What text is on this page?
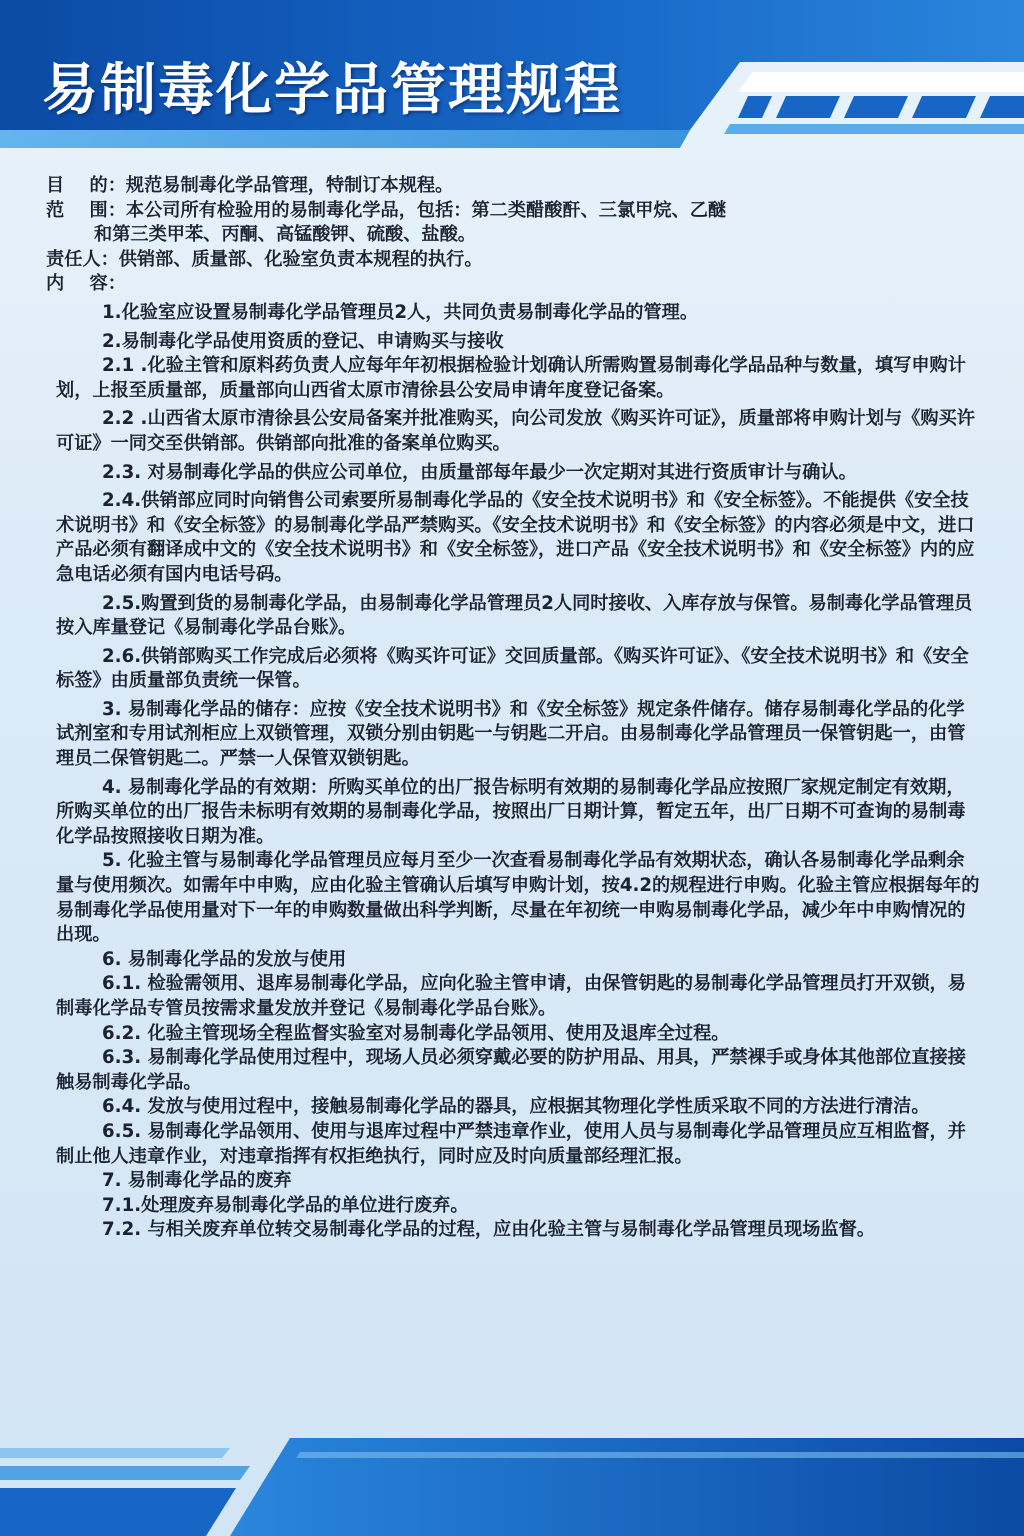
易制毒化学品管理规程
目    的： 规范易制毒化学品管理，特制订本规程。
范    围： 本公司所有检验用的易制毒化学品，包括：第二类醋酸酐、三氯甲烷、乙醚

和第三类甲苯、丙酮、高锰酸钾、硫酸、盐酸。

责任人： 供销部、质量部、化验室负责本规程的执行。

内    容：

1.化验室应设置易制毒化学品管理员2人，共同负责易制毒化学品的管理。

2.易制毒化学品使用资质的登记、申请购买与接收

2.1 .化验主管和原料药负责人应每年年初根据检验计划确认所需购置易制毒化学品品种与数量，填写申购计划，上报至质量部，质量部向山西省太原市清徐县公安局申请年度登记备案。

2.2 .山西省太原市清徐县公安局备案并批准购买，向公司发放《购买许可证》，质量部将申购计划与《购买许可证》一同交至供销部。供销部向批准的备案单位购买。

2.3. 对易制毒化学品的供应公司单位，由质量部每年最少一次定期对其进行资质审计与确认。

2.4.供销部应同时向销售公司索要所易制毒化学品的《安全技术说明书》和《安全标签》。不能提供《安全技术说明书》和《安全标签》的易制毒化学品严禁购买。《安全技术说明书》和《安全标签》的内容必须是中文，进口产品必须有翻译成中文的《安全技术说明书》和《安全标签》，进口产品《安全技术说明书》和《安全标签》内的应急电话必须有国内电话号码。

2.5.购置到货的易制毒化学品，由易制毒化学品管理员2人同时接收、入库存放与保管。易制毒化学品管理员按入库量登记《易制毒化学品台账》。

2.6.供销部购买工作完成后必须将《购买许可证》交回质量部。《购买许可证》、《安全技术说明书》和《安全标签》由质量部负责统一保管。

3. 易制毒化学品的储存：应按《安全技术说明书》和《安全标签》规定条件储存。储存易制毒化学品的化学试剂室和专用试剂柜应上双锁管理，双锁分别由钥匙一与钥匙二开启。由易制毒化学品管理员一保管钥匙一，由管理员二保管钥匙二。严禁一人保管双锁钥匙。

4. 易制毒化学品的有效期：所购买单位的出厂报告标明有效期的易制毒化学品应按照厂家规定制定有效期，所购买单位的出厂报告未标明有效期的易制毒化学品，按照出厂日期计算，暂定五年，出厂日期不可查询的易制毒化学品按照接收日期为准。

5. 化验主管与易制毒化学品管理员应每月至少一次查看易制毒化学品有效期状态，确认各易制毒化学品剩余量与使用频次。如需年中申购，应由化验主管确认后填写申购计划，按4.2的规程进行申购。化验主管应根据每年的易制毒化学品使用量对下一年的申购数量做出科学判断，尽量在年初统一申购易制毒化学品，减少年中申购情况的出现。

6. 易制毒化学品的发放与使用

6.1. 检验需领用、退库易制毒化学品，应向化验主管申请，由保管钥匙的易制毒化学品管理员打开双锁，易制毒化学品专管员按需求量发放并登记《易制毒化学品台账》。

6.2. 化验主管现场全程监督实验室对易制毒化学品领用、使用及退库全过程。

6.3. 易制毒化学品使用过程中，现场人员必须穿戴必要的防护用品、用具，严禁裸手或身体其他部位直接接触易制毒化学品。

6.4. 发放与使用过程中，接触易制毒化学品的器具，应根据其物理化学性质采取不同的方法进行清洁。

6.5. 易制毒化学品领用、使用与退库过程中严禁违章作业，使用人员与易制毒化学品管理员应互相监督，并制止他人违章作业，对违章指挥有权拒绝执行，同时应及时向质量部经理汇报。

7. 易制毒化学品的废弃

7.1.处理废弃易制毒化学品的单位进行废弃。

7.2. 与相关废弃单位转交易制毒化学品的过程，应由化验主管与易制毒化学品管理员现场监督。
